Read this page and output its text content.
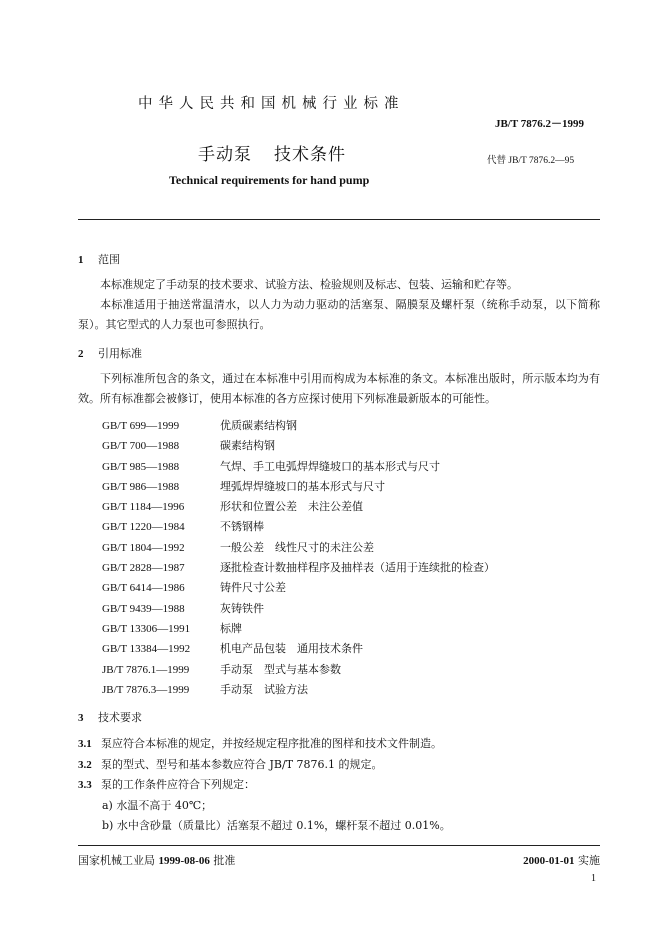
中华人民共和国机械行业标准
JB/T 7876.2－1999
手动泵 技术条件	代替 JB/T 7876.2—95
Technical requirements for hand pump
1 范围

本标准规定了手动泵的技术要求、试验方法、检验规则及标志、包装、运输和贮存等。

本标准适用于抽送常温清水，以人力为动力驱动的活塞泵、隔膜泵及螺杆泵（统称手动泵，以下简称泵）。其它型式的人力泵也可参照执行。

2 引用标准

下列标准所包含的条文，通过在本标准中引用而构成为本标准的条文。本标准出版时，所示版本均为有效。所有标准都会被修订，使用本标准的各方应探讨使用下列标准最新版本的可能性。

GB/T 699—1999	优质碳素结构钢
GB/T 700—1988	碳素结构钢
GB/T 985—1988	气焊、手工电弧焊焊缝坡口的基本形式与尺寸
GB/T 986—1988	埋弧焊焊缝坡口的基本形式与尺寸
GB/T 1184—1996	形状和位置公差　未注公差值
GB/T 1220—1984	不锈钢棒
GB/T 1804—1992	一般公差　线性尺寸的未注公差
GB/T 2828—1987	逐批检查计数抽样程序及抽样表（适用于连续批的检查）
GB/T 6414—1986	铸件尺寸公差
GB/T 9439—1988	灰铸铁件
GB/T 13306—1991	标牌
GB/T 13384—1992	机电产品包装　通用技术条件
JB/T 7876.1—1999	手动泵　型式与基本参数
JB/T 7876.3—1999	手动泵　试验方法
3 技术要求
3.1 泵应符合本标准的规定，并按经规定程序批准的图样和技术文件制造。
3.2 泵的型式、型号和基本参数应符合 JB/T 7876.1 的规定。
3.3 泵的工作条件应符合下列规定：
a) 水温不高于 40℃；
b) 水中含砂量（质量比）活塞泵不超过 0.1%，螺杆泵不超过 0.01%。
国家机械工业局 1999-08-06 批准	2000-01-01 实施
1
